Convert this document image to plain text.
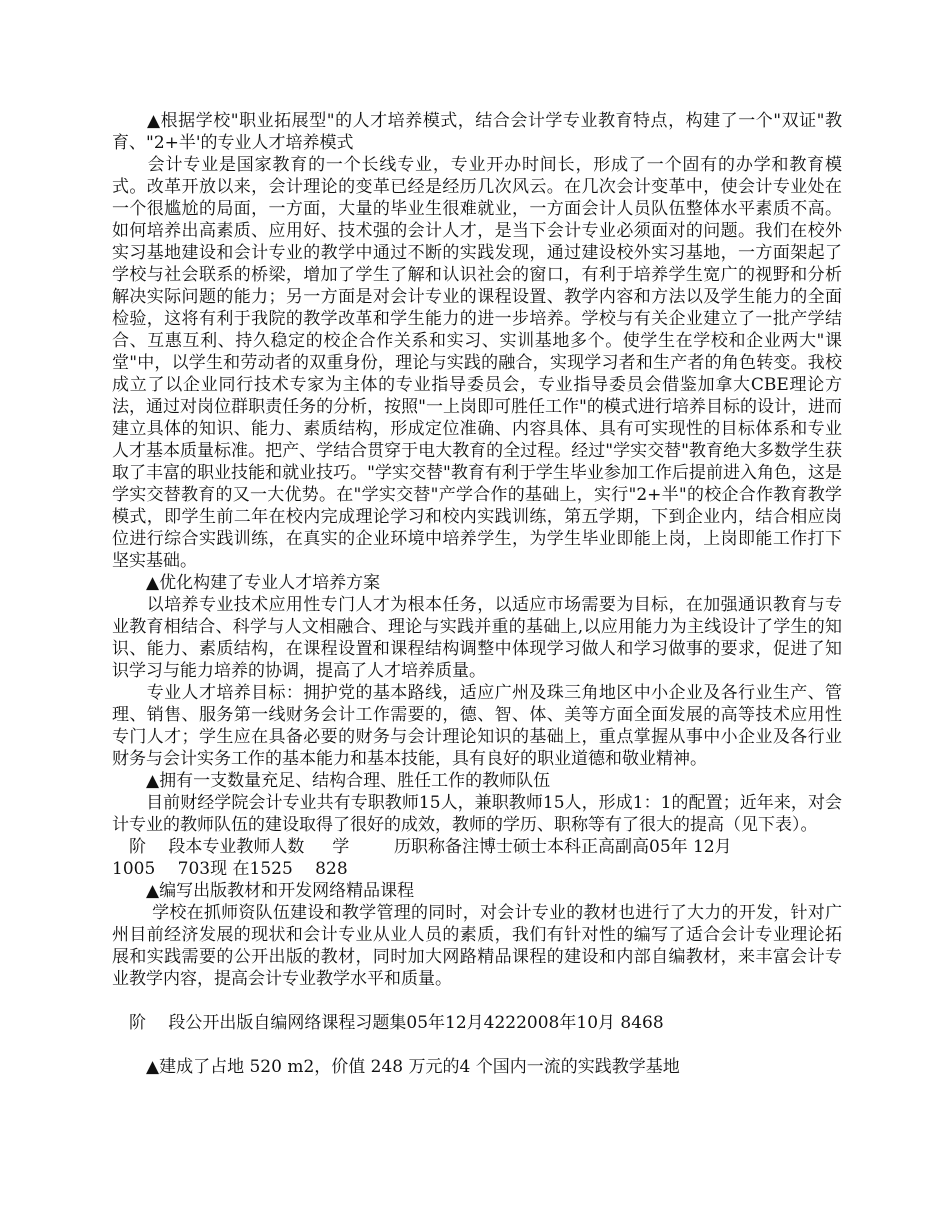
　　▲根据学校"职业拓展型"的人才培养模式，结合会计学专业教育特点，构建了一个"双证"教育、"2+半'的专业人才培养模式

　　会计专业是国家教育的一个长线专业，专业开办时间长，形成了一个固有的办学和教育模式。改革开放以来，会计理论的变革已经是经历几次风云。在几次会计变革中，使会计专业处在一个很尴尬的局面，一方面，大量的毕业生很难就业，一方面会计人员队伍整体水平素质不高。如何培养出高素质、应用好、技术强的会计人才，是当下会计专业必须面对的问题。我们在校外实习基地建设和会计专业的教学中通过不断的实践发现，通过建设校外实习基地，一方面架起了学校与社会联系的桥梁，增加了学生了解和认识社会的窗口，有利于培养学生宽广的视野和分析解决实际问题的能力；另一方面是对会计专业的课程设置、教学内容和方法以及学生能力的全面检验，这将有利于我院的教学改革和学生能力的进一步培养。学校与有关企业建立了一批产学结合、互惠互利、持久稳定的校企合作关系和实习、实训基地多个。使学生在学校和企业两大"课堂"中，以学生和劳动者的双重身份，理论与实践的融合，实现学习者和生产者的角色转变。我校成立了以企业同行技术专家为主体的专业指导委员会，专业指导委员会借鉴加拿大CBE理论方法，通过对岗位群职责任务的分析，按照"一上岗即可胜任工作"的模式进行培养目标的设计，进而建立具体的知识、能力、素质结构，形成定位准确、内容具体、具有可实现性的目标体系和专业人才基本质量标准。把产、学结合贯穿于电大教育的全过程。经过"学实交替"教育绝大多数学生获取了丰富的职业技能和就业技巧。"学实交替"教育有利于学生毕业参加工作后提前进入角色，这是学实交替教育的又一大优势。在"学实交替"产学合作的基础上，实行"2+半"的校企合作教育教学模式，即学生前二年在校内完成理论学习和校内实践训练，第五学期，下到企业内，结合相应岗位进行综合实践训练，在真实的企业环境中培养学生，为学生毕业即能上岗，上岗即能工作打下坚实基础。

　　▲优化构建了专业人才培养方案

　　以培养专业技术应用性专门人才为根本任务，以适应市场需要为目标，在加强通识教育与专业教育相结合、科学与人文相融合、理论与实践并重的基础上,以应用能力为主线设计了学生的知识、能力、素质结构，在课程设置和课程结构调整中体现学习做人和学习做事的要求，促进了知识学习与能力培养的协调，提高了人才培养质量。

　　专业人才培养目标：拥护党的基本路线，适应广州及珠三角地区中小企业及各行业生产、管理、销售、服务第一线财务会计工作需要的，德、智、体、美等方面全面发展的高等技术应用性专门人才；学生应在具备必要的财务与会计理论知识的基础上，重点掌握从事中小企业及各行业财务与会计实务工作的基本能力和基本技能，具有良好的职业道德和敬业精神。

　　▲拥有一支数量充足、结构合理、胜任工作的教师队伍

　　目前财经学院会计专业共有专职教师15人，兼职教师15人，形成1：1的配置；近年来，对会计专业的教师队伍的建设取得了很好的成效，教师的学历、职称等有了很大的提高（见下表）。

　阶　 段本专业教师人数 　 学 　　 历职称备注博士硕士本科正高副高05年 12月

1005　 703现 在1525 　828

　　▲编写出版教材和开发网络精品课程

　　 学校在抓师资队伍建设和教学管理的同时，对会计专业的教材也进行了大力的开发，针对广州目前经济发展的现状和会计专业从业人员的素质，我们有针对性的编写了适合会计专业理论拓展和实践需要的公开出版的教材，同时加大网路精品课程的建设和内部自编教材，来丰富会计专业教学内容，提高会计专业教学水平和质量。

　阶　 段公开出版自编网络课程习题集05年12月4222008年10月 8468

　　▲建成了占地 520 m2，价值 248 万元的4 个国内一流的实践教学基地
